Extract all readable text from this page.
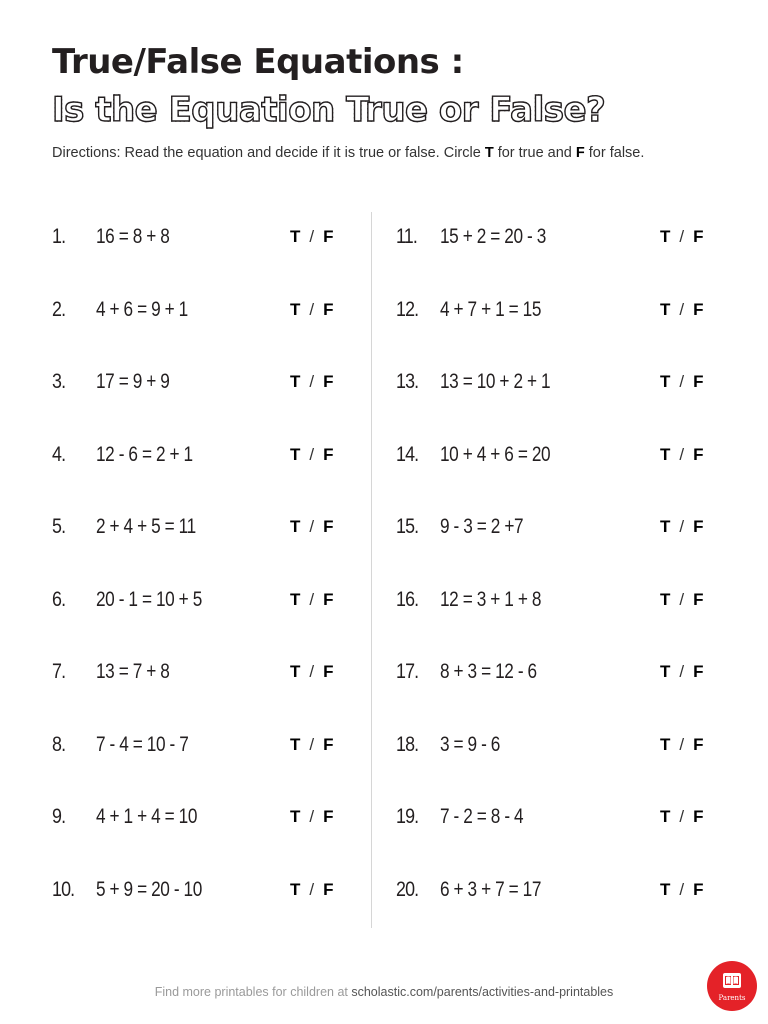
True/False Equations :
Is the Equation True or False?

Directions: Read the equation and decide if it is true or false. Circle T for true and F for false.

1. 16 = 8 + 8	T / F
2. 4 + 6 = 9 + 1	T / F
3. 17 = 9 + 9	T / F
4. 12 - 6 = 2 + 1	T / F
5. 2 + 4 + 5 = 11	T / F
6. 20 - 1 = 10 + 5	T / F
7. 13 = 7 + 8	T / F
8. 7 - 4 = 10 - 7	T / F
9. 4 + 1 + 4 = 10	T / F
10. 5 + 9 = 20 - 10	T / F
11. 15 + 2 = 20 - 3	T / F
12. 4 + 7 + 1 = 15	T / F
13. 13 = 10 + 2 + 1	T / F
14. 10 + 4 + 6 = 20	T / F
15. 9 - 3 = 2 +7	T / F
16. 12 = 3 + 1 + 8	T / F
17. 8 + 3 = 12 - 6	T / F
18. 3 = 9 - 6	T / F
19. 7 - 2 = 8 - 4	T / F
20. 6 + 3 + 7 = 17	T / F
Find more printables for children at scholastic.com/parents/activities-and-printables	Parents
